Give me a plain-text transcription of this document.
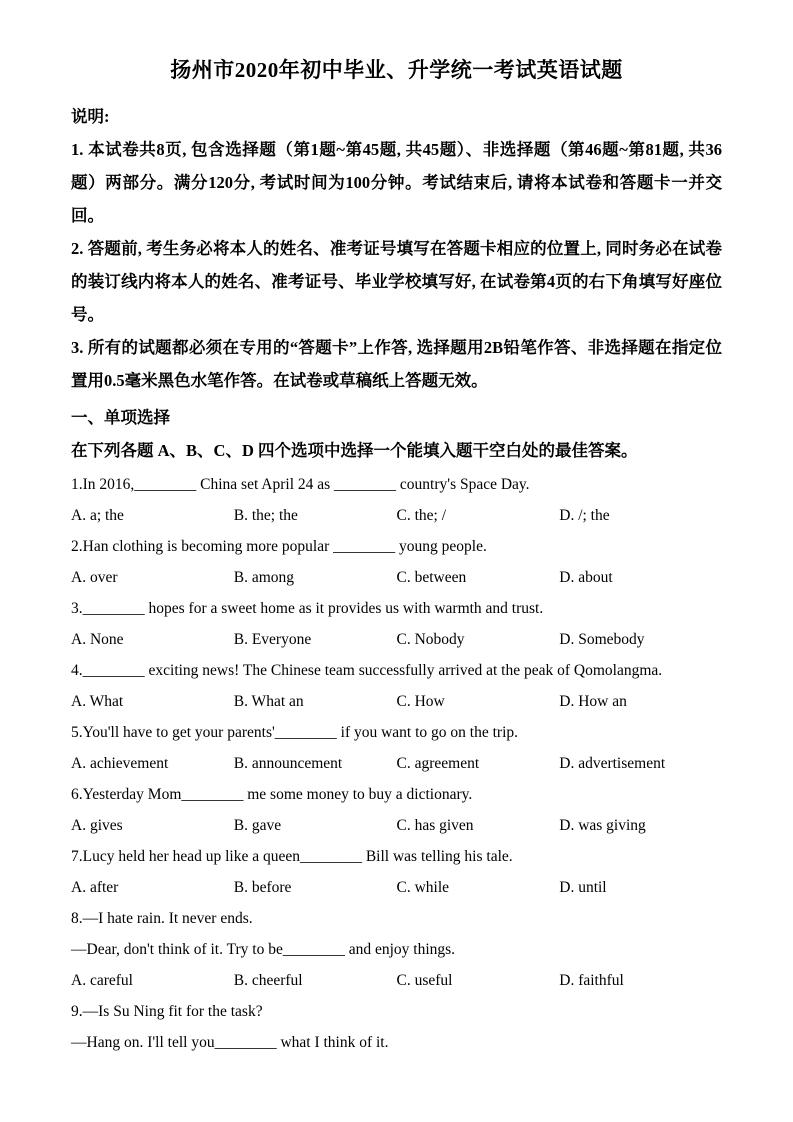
扬州市2020年初中毕业、升学统一考试英语试题

说明:

1. 本试卷共8页, 包含选择题（第1题~第45题, 共45题）、非选择题（第46题~第81题, 共36题）两部分。满分120分, 考试时间为100分钟。考试结束后, 请将本试卷和答题卡一并交回。

2. 答题前, 考生务必将本人的姓名、准考证号填写在答题卡相应的位置上, 同时务必在试卷的装订线内将本人的姓名、准考证号、毕业学校填写好, 在试卷第4页的右下角填写好座位号。

3. 所有的试题都必须在专用的“答题卡”上作答, 选择题用2B铅笔作答、非选择题在指定位置用0.5毫米黑色水笔作答。在试卷或草稿纸上答题无效。

一、单项选择

在下列各题 A、B、C、D 四个选项中选择一个能填入题干空白处的最佳答案。

1.In 2016,________ China set April 24 as ________ country's Space Day.

A. a; the	B. the; the	C. the; /	D. /; the

2.Han clothing is becoming more popular ________ young people.

A. over	B. among	C. between	D. about

3.________ hopes for a sweet home as it provides us with warmth and trust.

A. None	B. Everyone	C. Nobody	D. Somebody

4.________ exciting news! The Chinese team successfully arrived at the peak of Qomolangma.

A. What	B. What an	C. How	D. How an

5.You'll have to get your parents'________ if you want to go on the trip.

A. achievement	B. announcement	C. agreement	D. advertisement

6.Yesterday Mom________ me some money to buy a dictionary.

A. gives	B. gave	C. has given	D. was giving

7.Lucy held her head up like a queen________ Bill was telling his tale.

A. after	B. before	C. while	D. until

8.—I hate rain. It never ends.

—Dear, don't think of it. Try to be________ and enjoy things.

A. careful	B. cheerful	C. useful	D. faithful

9.—Is Su Ning fit for the task?

—Hang on. I'll tell you________ what I think of it.
